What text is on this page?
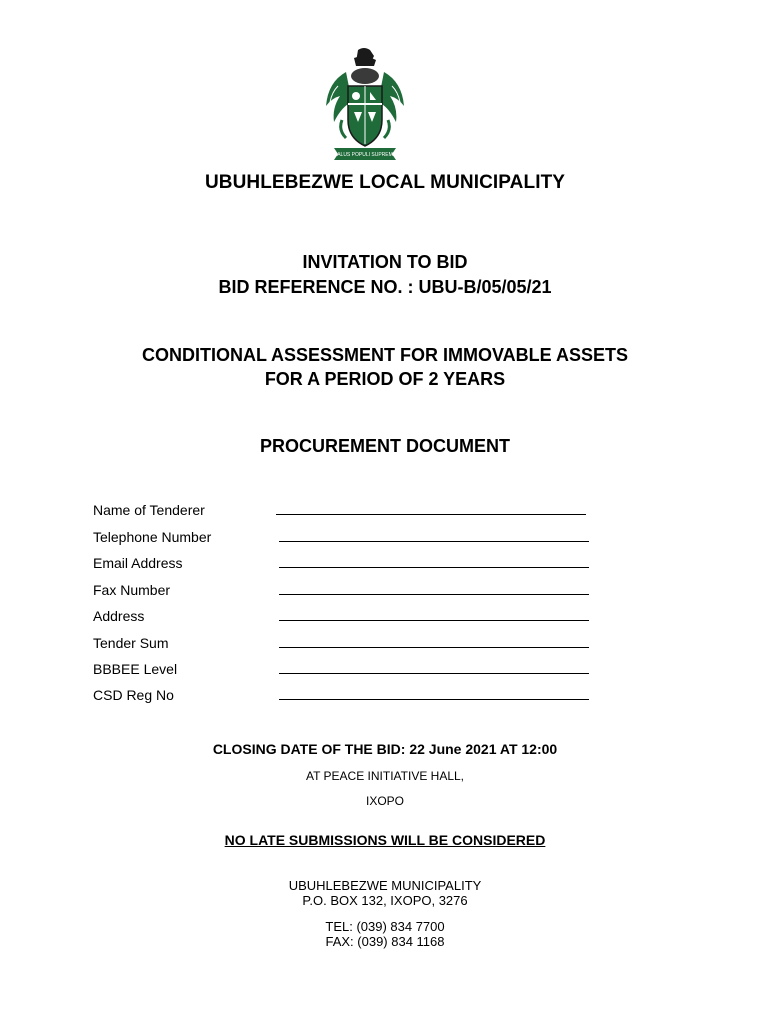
SALUS POPULI SUPREMA
UBUHLEBEZWE LOCAL MUNICIPALITY
INVITATION TO BID
BID REFERENCE NO. : UBU-B/05/05/21
CONDITIONAL ASSESSMENT FOR IMMOVABLE ASSETS
FOR A PERIOD OF 2 YEARS
PROCUREMENT DOCUMENT
Name of Tenderer
Telephone Number
Email Address
Fax Number
Address
Tender Sum
BBBEE Level
CSD Reg No
CLOSING DATE OF THE BID: 22 June 2021 AT 12:00
AT PEACE INITIATIVE HALL,
IXOPO
NO LATE SUBMISSIONS WILL BE CONSIDERED
UBUHLEBEZWE MUNICIPALITY
P.O. BOX 132, IXOPO, 3276
TEL: (039) 834 7700
FAX: (039) 834 1168
